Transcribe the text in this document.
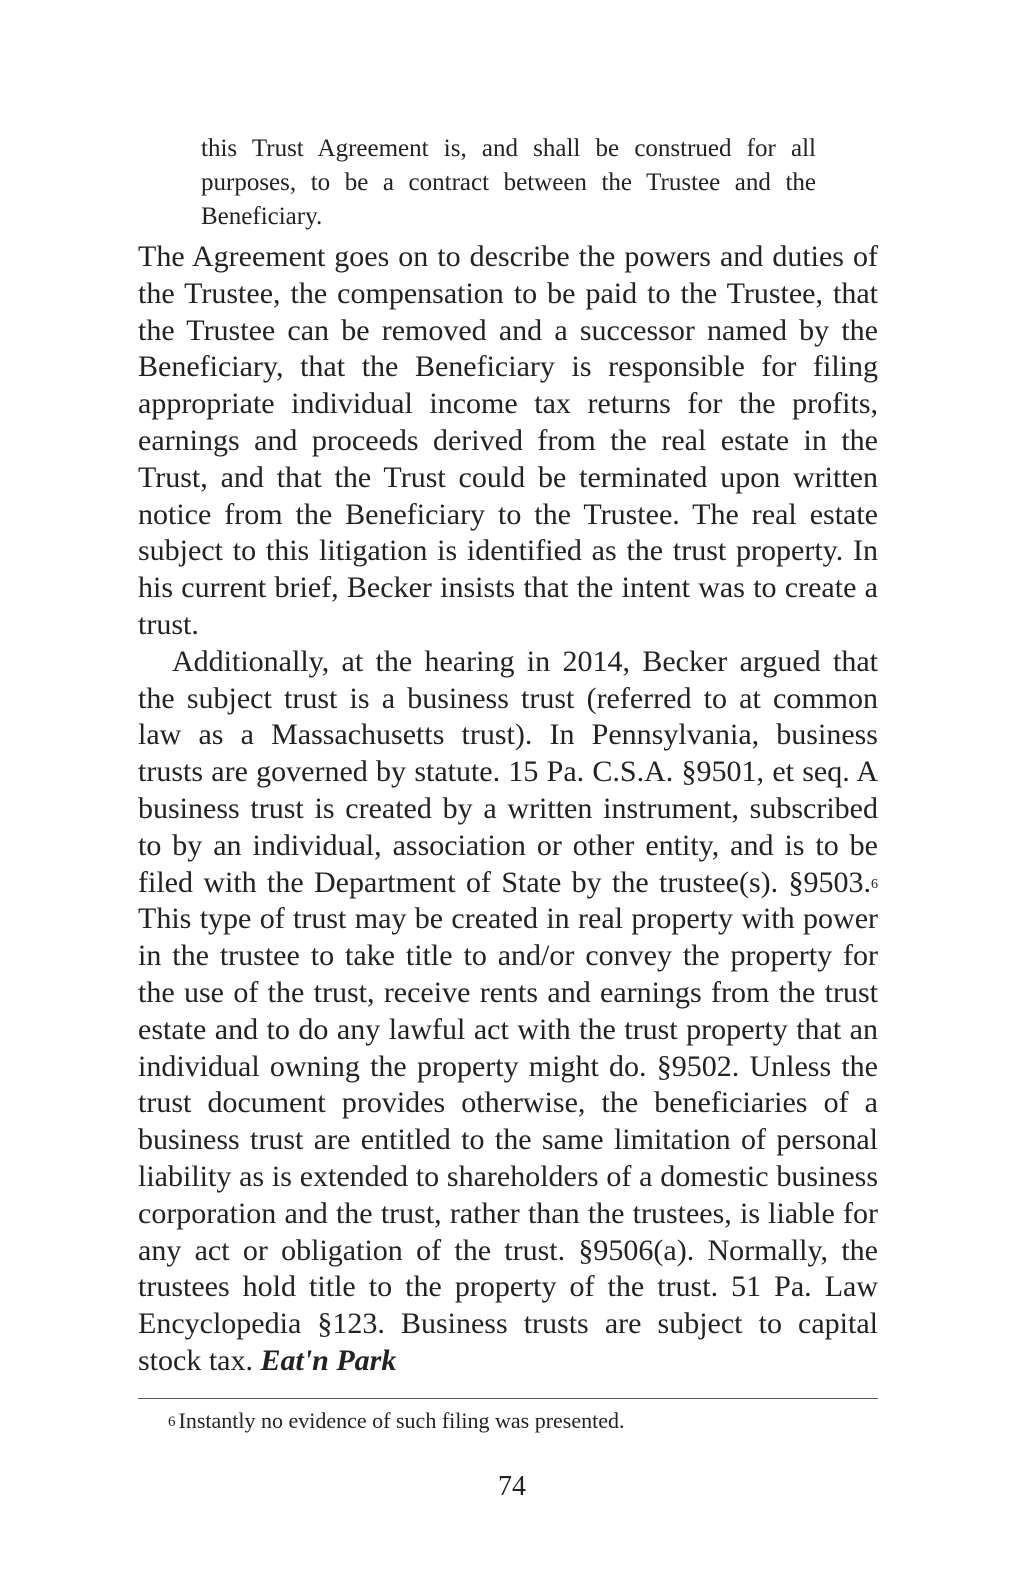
this Trust Agreement is, and shall be construed for all purposes, to be a contract between the Trustee and the Beneficiary.

The Agreement goes on to describe the powers and duties of the Trustee, the compensation to be paid to the Trustee, that the Trustee can be removed and a successor named by the Beneficiary, that the Beneficiary is responsible for filing appropriate individual income tax returns for the profits, earnings and proceeds derived from the real estate in the Trust, and that the Trust could be terminated upon written notice from the Beneficiary to the Trustee. The real estate subject to this litigation is identified as the trust property. In his current brief, Becker insists that the intent was to create a trust.

Additionally, at the hearing in 2014, Becker argued that the subject trust is a business trust (referred to at common law as a Massachusetts trust). In Pennsylvania, business trusts are governed by statute. 15 Pa. C.S.A. §9501, et seq. A business trust is created by a written instrument, subscribed to by an individual, association or other entity, and is to be filed with the Department of State by the trustee(s). §9503.$^6$ This type of trust may be created in real property with power in the trustee to take title to and/or convey the property for the use of the trust, receive rents and earnings from the trust estate and to do any lawful act with the trust property that an individual owning the property might do. §9502. Unless the trust document provides otherwise, the beneficiaries of a business trust are entitled to the same limitation of personal liability as is extended to shareholders of a domestic business corporation and the trust, rather than the trustees, is liable for any act or obligation of the trust. §9506(a). Normally, the trustees hold title to the property of the trust. 51 Pa. Law Encyclopedia §123. Business trusts are subject to capital stock tax. Eat'n Park

$^6$ Instantly no evidence of such filing was presented.

74
